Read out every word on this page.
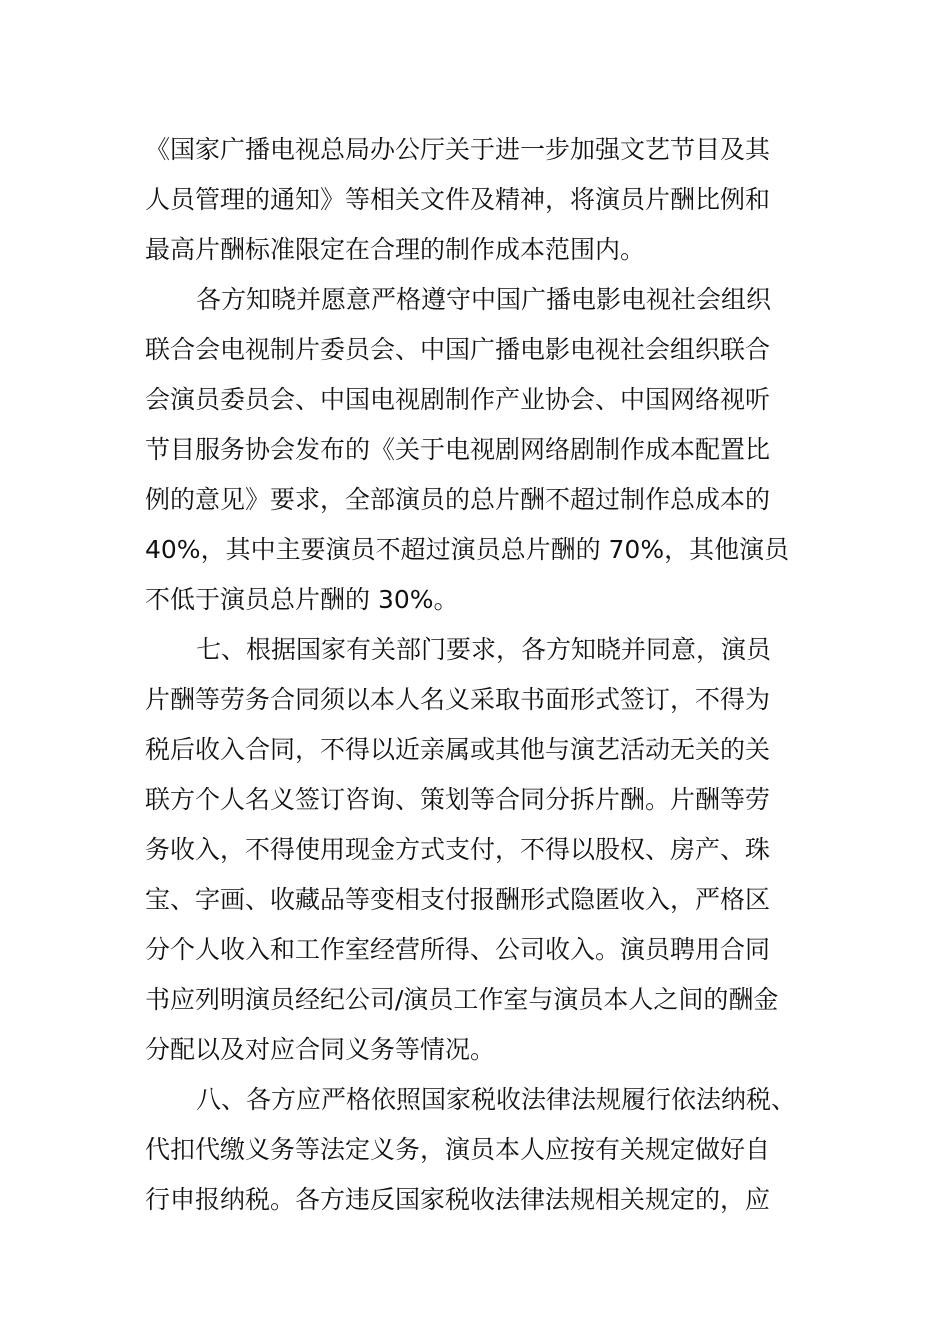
《国家广播电视总局办公厅关于进一步加强文艺节目及其
人员管理的通知》等相关文件及精神，将演员片酬比例和
最高片酬标准限定在合理的制作成本范围内。
各方知晓并愿意严格遵守中国广播电影电视社会组织
联合会电视制片委员会、中国广播电影电视社会组织联合
会演员委员会、中国电视剧制作产业协会、中国网络视听
节目服务协会发布的《关于电视剧网络剧制作成本配置比
例的意见》要求，全部演员的总片酬不超过制作总成本的
40%，其中主要演员不超过演员总片酬的 70%，其他演员
不低于演员总片酬的 30%。
七、根据国家有关部门要求，各方知晓并同意，演员
片酬等劳务合同须以本人名义采取书面形式签订，不得为
税后收入合同，不得以近亲属或其他与演艺活动无关的关
联方个人名义签订咨询、策划等合同分拆片酬。片酬等劳
务收入，不得使用现金方式支付，不得以股权、房产、珠
宝、字画、收藏品等变相支付报酬形式隐匿收入，严格区
分个人收入和工作室经营所得、公司收入。演员聘用合同
书应列明演员经纪公司/演员工作室与演员本人之间的酬金
分配以及对应合同义务等情况。
八、各方应严格依照国家税收法律法规履行依法纳税、
代扣代缴义务等法定义务，演员本人应按有关规定做好自
行申报纳税。各方违反国家税收法律法规相关规定的，应
